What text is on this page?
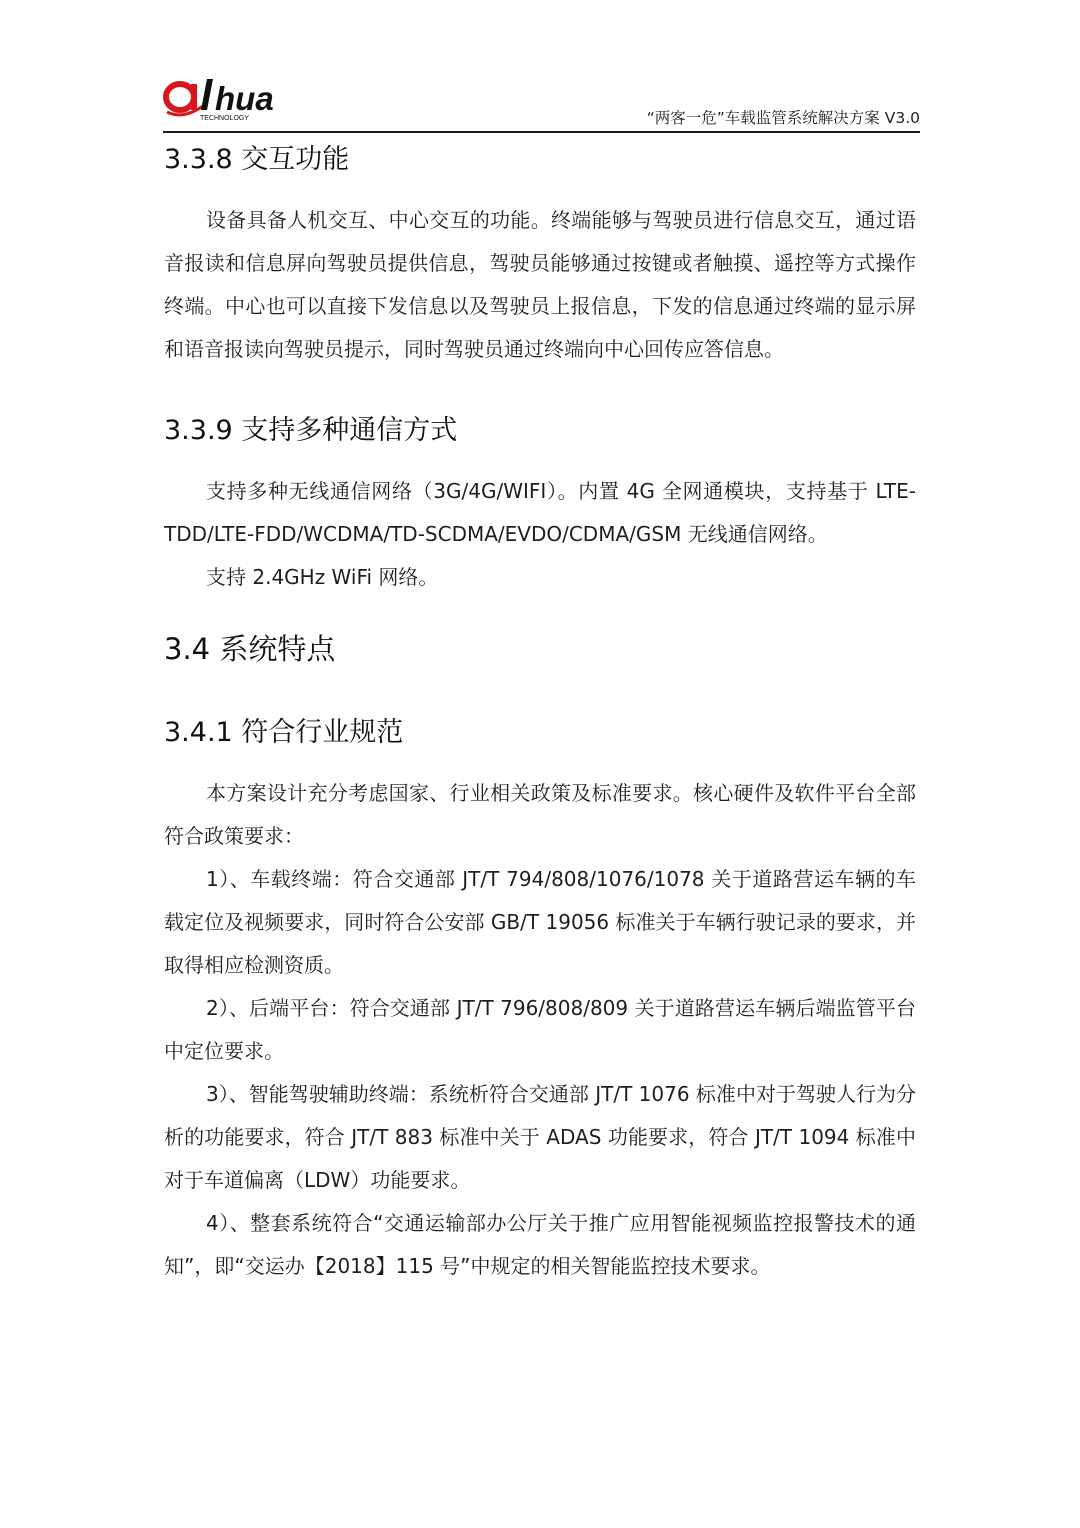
hua
TECHNOLOGY	“两客一危”车载监管系统解决方案 V3.0
3.3.8 交互功能

设备具备人机交互、中心交互的功能。终端能够与驾驶员进行信息交互，通过语音报读和信息屏向驾驶员提供信息，驾驶员能够通过按键或者触摸、遥控等方式操作终端。中心也可以直接下发信息以及驾驶员上报信息，下发的信息通过终端的显示屏和语音报读向驾驶员提示，同时驾驶员通过终端向中心回传应答信息。

3.3.9 支持多种通信方式

支持多种无线通信网络（3G/4G/WIFI）。内置 4G 全网通模块，支持基于 LTE-TDD/LTE-FDD/WCDMA/TD-SCDMA/EVDO/CDMA/GSM 无线通信网络。

支持 2.4GHz WiFi 网络。

3.4 系统特点
3.4.1 符合行业规范

本方案设计充分考虑国家、行业相关政策及标准要求。核心硬件及软件平台全部符合政策要求：

1）、车载终端：符合交通部 JT/T 794/808/1076/1078 关于道路营运车辆的车载定位及视频要求，同时符合公安部 GB/T 19056 标准关于车辆行驶记录的要求，并取得相应检测资质。

2）、后端平台：符合交通部 JT/T 796/808/809 关于道路营运车辆后端监管平台中定位要求。

3）、智能驾驶辅助终端：系统析符合交通部 JT/T 1076 标准中对于驾驶人行为分析的功能要求，符合 JT/T 883 标准中关于 ADAS 功能要求，符合 JT/T 1094 标准中对于车道偏离（LDW）功能要求。

4）、整套系统符合“交通运输部办公厅关于推广应用智能视频监控报警技术的通知”，即“交运办【2018】115 号”中规定的相关智能监控技术要求。
